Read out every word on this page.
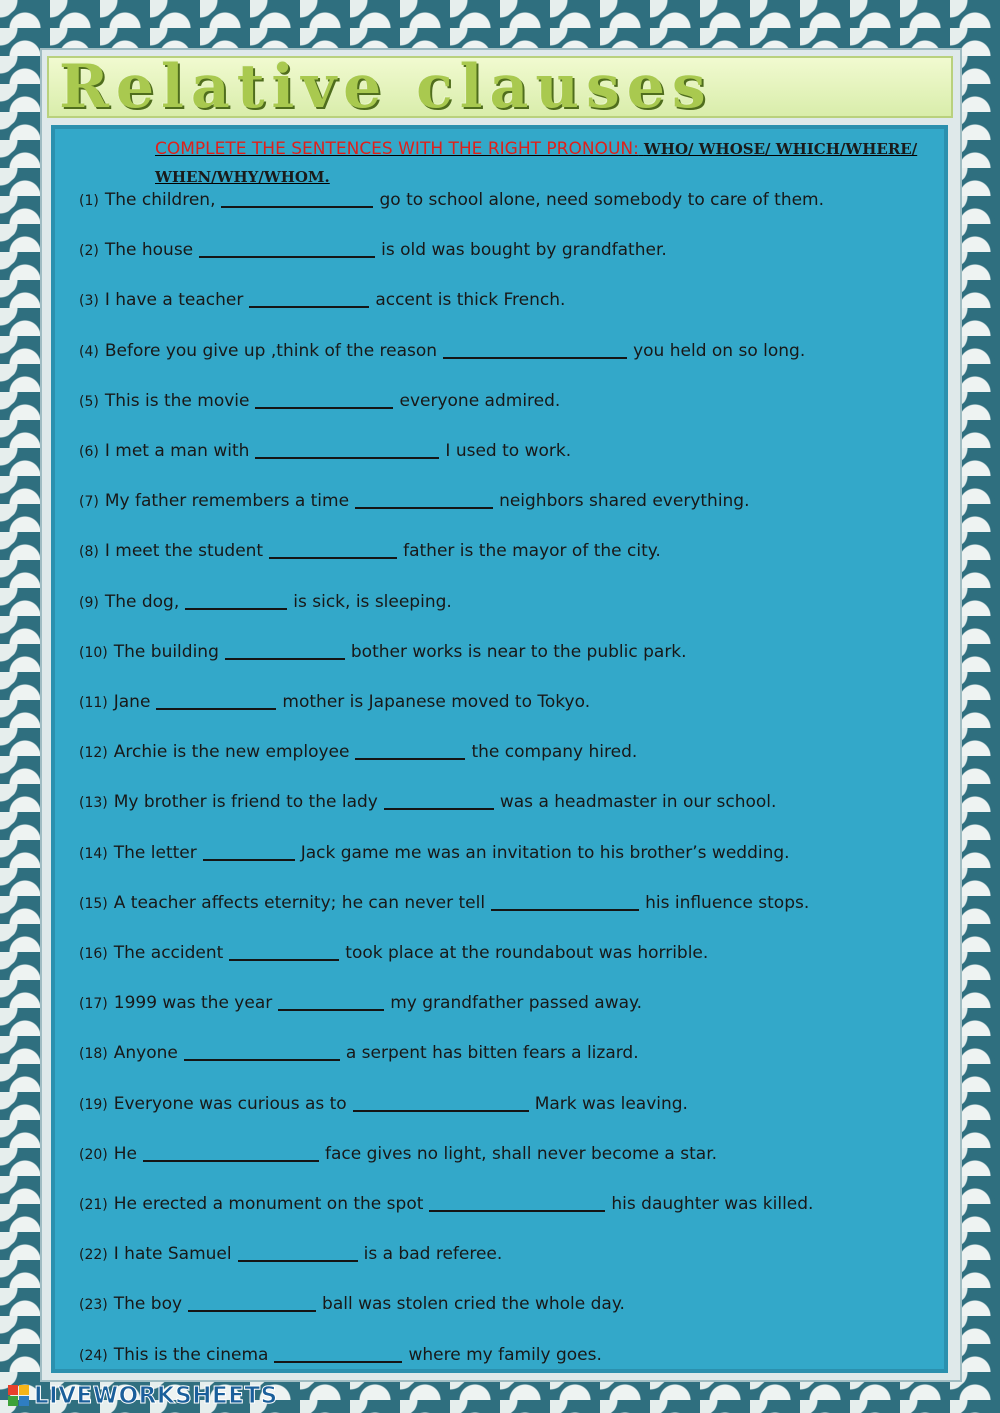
Relative clauses
COMPLETE THE SENTENCES WITH THE RIGHT PRONOUN: WHO/ WHOSE/ WHICH/WHERE/ WHEN/WHY/WHOM.
(1) The children,	go to school alone, need somebody to care of them.
(2) The house	is old was bought by grandfather.
(3) I have a teacher	accent is thick French.
(4) Before you give up ,think of the reason	you held on so long.
(5) This is the movie	everyone admired.
(6) I met a man with	I used to work.
(7) My father remembers a time	neighbors shared everything.
(8) I meet the student	father is the mayor of the city.
(9) The dog,	is sick, is sleeping.
(10) The building	bother works is near to the public park.
(11) Jane	mother is Japanese moved to Tokyo.
(12) Archie is the new employee	the company hired.
(13) My brother is friend to the lady	was a headmaster in our school.
(14) The letter	Jack game me was an invitation to his brother’s wedding.
(15) A teacher affects eternity; he can never tell	his influence stops.
(16) The accident	took place at the roundabout was horrible.
(17) 1999 was the year	my grandfather passed away.
(18) Anyone	a serpent has bitten fears a lizard.
(19) Everyone was curious as to	Mark was leaving.
(20) He	face gives no light, shall never become a star.
(21) He erected a monument on the spot	his daughter was killed.
(22) I hate Samuel	is a bad referee.
(23) The boy	ball was stolen cried the whole day.
(24) This is the cinema	where my family goes.
LIVEWORKSHEETS
